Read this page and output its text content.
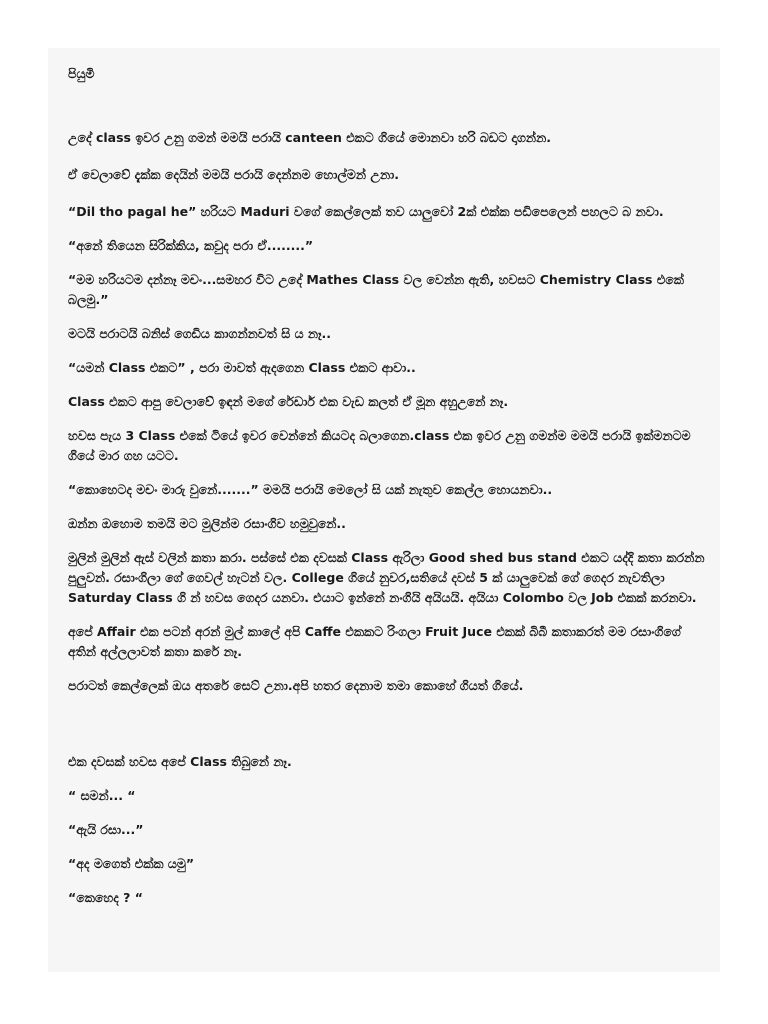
පියුමි

උදේ class ඉවර උනු ගමන් මමයි පරායි canteen එකට ගියේ මොනවා හරි බඩට දාගන්න.

ඒ වෙලාවේ දැක්ක දෙයින් මමයි පරායි දෙන්නම හොල්මන් උනා.

“Dil tho pagal he” හරියට Maduri වගේ කෙල්ලෙක් තව යාලුවෝ 2ක් එක්ක පඩිපෙලෙන් පහලට බ නවා.

“අනේ තියෙන සිරික්කිය, කවුද පරා ඒ........”

“මම හරියටම දන්නෑ මචං...සමහර විට උදේ Mathes Class වල වෙන්න ඇති, හවසට Chemistry Class එකේ බලමු.”

මටයි පරාටයි බනිස් ගෙඩිය කාගන්නවත් සි ය නෑ..

“යමන් Class එකට” , පරා මාවත් ඇදගෙන Class එකට ආවා..

Class එකට ආපු වෙලාවේ ඉඳන් මගේ රේඩාර් එක වැඩ කලත් ඒ මූන අහුඋනේ නෑ.

හවස පැය 3 Class එකේ ටියේ ඉවර වෙන්නේ කියටද බලාගෙන.class එක ඉවර උනු ගමන්ම මමයි පරායි ඉක්මනටම ගියේ මාර ගහ යටට.

“කොහෙටද මචං මාරු වුනේ.......” මමයි පරායි මෙලෝ සි යක් නැතුව කෙල්ල හොයනවා..

ඔන්න ඔහොම තමයි මට මුලින්ම රසාංගිව හමුවුනේ..

මුලින් මුලින් ඇස් වලින් කතා කරා. පස්සේ එක දවසක් Class ඇරිලා Good shed bus stand එකට යද්දි කතා කරන්න පුලුවන්. රසාංගිලා ගේ ගෙවල් හැටන් වල. College ගියේ නුවර,සතියේ දවස් 5 ක් යාලුවෙක් ගේ ගෙදර නැවතිලා Saturday Class ගි න් හවස ගෙදර යනවා. එයාට ඉන්නේ නංගියි අයියයි. අයියා Colombo වල Job එකක් කරනවා.

අපේ Affair එක පටන් අරන් මුල් කාලේ අපි Caffe එකකට රිංගලා Fruit Juce එකක් බිබී කතාකරත් මම රසාංගිගේ අතින් අල්ලලාවත් කතා කරේ නෑ.

පරාටත් කෙල්ලෙක් ඔය අතරේ සෙට් උනා.අපි හතර දෙනාම තමා කොහේ ගියත් ගියේ.

එක දවසක් හවස අපේ Class තිබුනේ නෑ.

“ සමන්... “

“ඇයි රසා...”

“අද මගෙත් එක්ක යමු”

“කෙහෙද ? “
